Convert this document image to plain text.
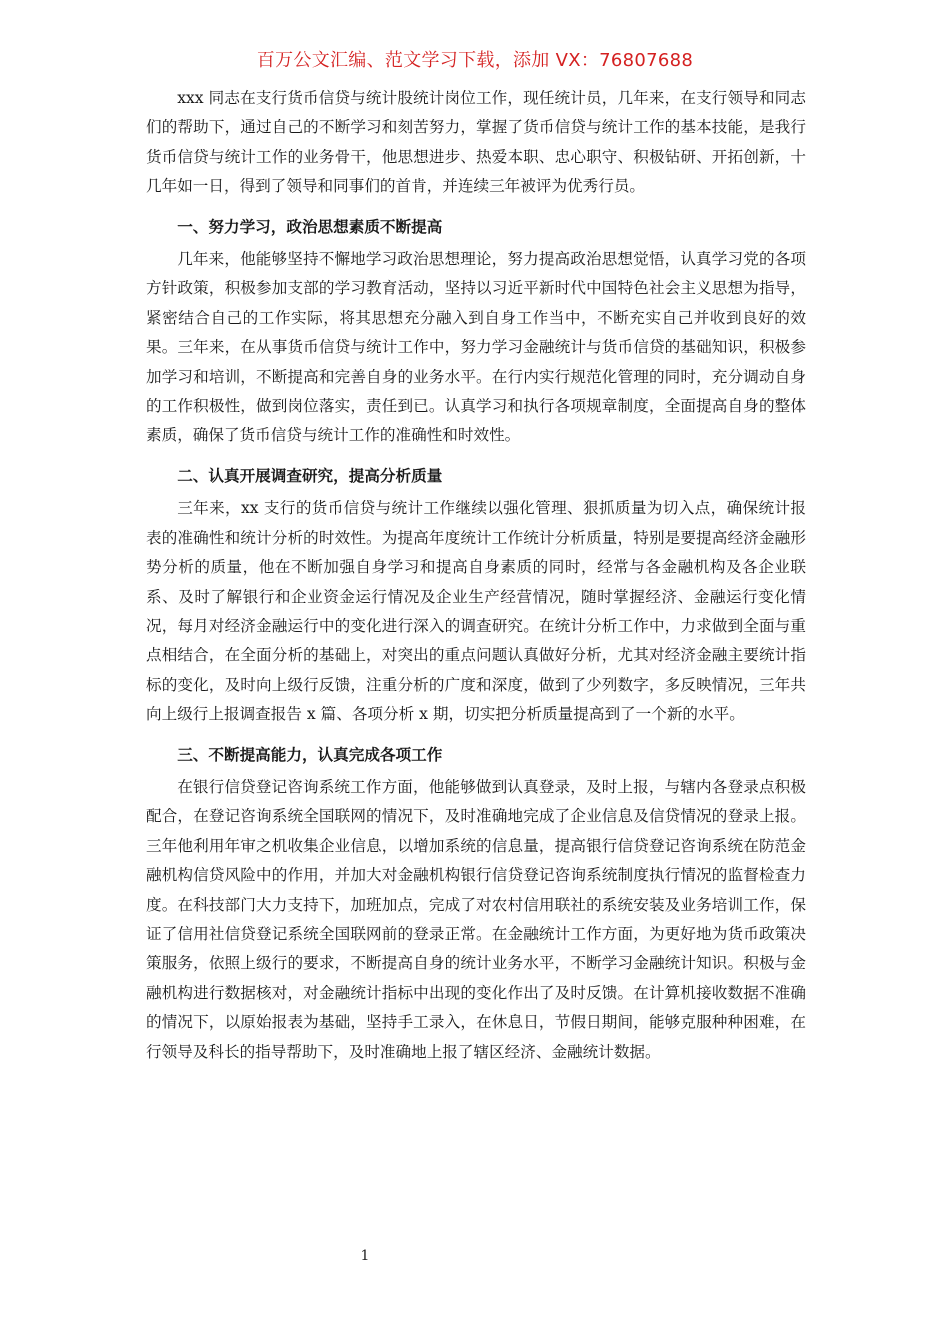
百万公文汇编、范文学习下载，添加 VX：76807688

xxx 同志在支行货币信贷与统计股统计岗位工作，现任统计员，几年来，在支行领导和同志们的帮助下，通过自己的不断学习和刻苦努力，掌握了货币信贷与统计工作的基本技能，是我行货币信贷与统计工作的业务骨干，他思想进步、热爱本职、忠心职守、积极钻研、开拓创新，十几年如一日，得到了领导和同事们的首肯，并连续三年被评为优秀行员。

一、努力学习，政治思想素质不断提高

几年来，他能够坚持不懈地学习政治思想理论，努力提高政治思想觉悟，认真学习党的各项方针政策，积极参加支部的学习教育活动，坚持以习近平新时代中国特色社会主义思想为指导，紧密结合自己的工作实际，将其思想充分融入到自身工作当中，不断充实自己并收到良好的效果。三年来，在从事货币信贷与统计工作中，努力学习金融统计与货币信贷的基础知识，积极参加学习和培训，不断提高和完善自身的业务水平。在行内实行规范化管理的同时，充分调动自身的工作积极性，做到岗位落实，责任到已。认真学习和执行各项规章制度，全面提高自身的整体素质，确保了货币信贷与统计工作的准确性和时效性。

二、认真开展调查研究，提高分析质量

三年来，xx 支行的货币信贷与统计工作继续以强化管理、狠抓质量为切入点，确保统计报表的准确性和统计分析的时效性。为提高年度统计工作统计分析质量，特别是要提高经济金融形势分析的质量，他在不断加强自身学习和提高自身素质的同时，经常与各金融机构及各企业联系、及时了解银行和企业资金运行情况及企业生产经营情况，随时掌握经济、金融运行变化情况，每月对经济金融运行中的变化进行深入的调查研究。在统计分析工作中，力求做到全面与重点相结合，在全面分析的基础上，对突出的重点问题认真做好分析，尤其对经济金融主要统计指标的变化，及时向上级行反馈，注重分析的广度和深度，做到了少列数字，多反映情况，三年共向上级行上报调查报告 x 篇、各项分析 x 期，切实把分析质量提高到了一个新的水平。

三、不断提高能力，认真完成各项工作

在银行信贷登记咨询系统工作方面，他能够做到认真登录，及时上报，与辖内各登录点积极配合，在登记咨询系统全国联网的情况下，及时准确地完成了企业信息及信贷情况的登录上报。三年他利用年审之机收集企业信息，以增加系统的信息量，提高银行信贷登记咨询系统在防范金融机构信贷风险中的作用，并加大对金融机构银行信贷登记咨询系统制度执行情况的监督检查力度。在科技部门大力支持下，加班加点，完成了对农村信用联社的系统安装及业务培训工作，保证了信用社信贷登记系统全国联网前的登录正常。在金融统计工作方面，为更好地为货币政策决策服务，依照上级行的要求，不断提高自身的统计业务水平，不断学习金融统计知识。积极与金融机构进行数据核对，对金融统计指标中出现的变化作出了及时反馈。在计算机接收数据不准确的情况下，以原始报表为基础，坚持手工录入，在休息日，节假日期间，能够克服种种困难，在行领导及科长的指导帮助下，及时准确地上报了辖区经济、金融统计数据。

1
